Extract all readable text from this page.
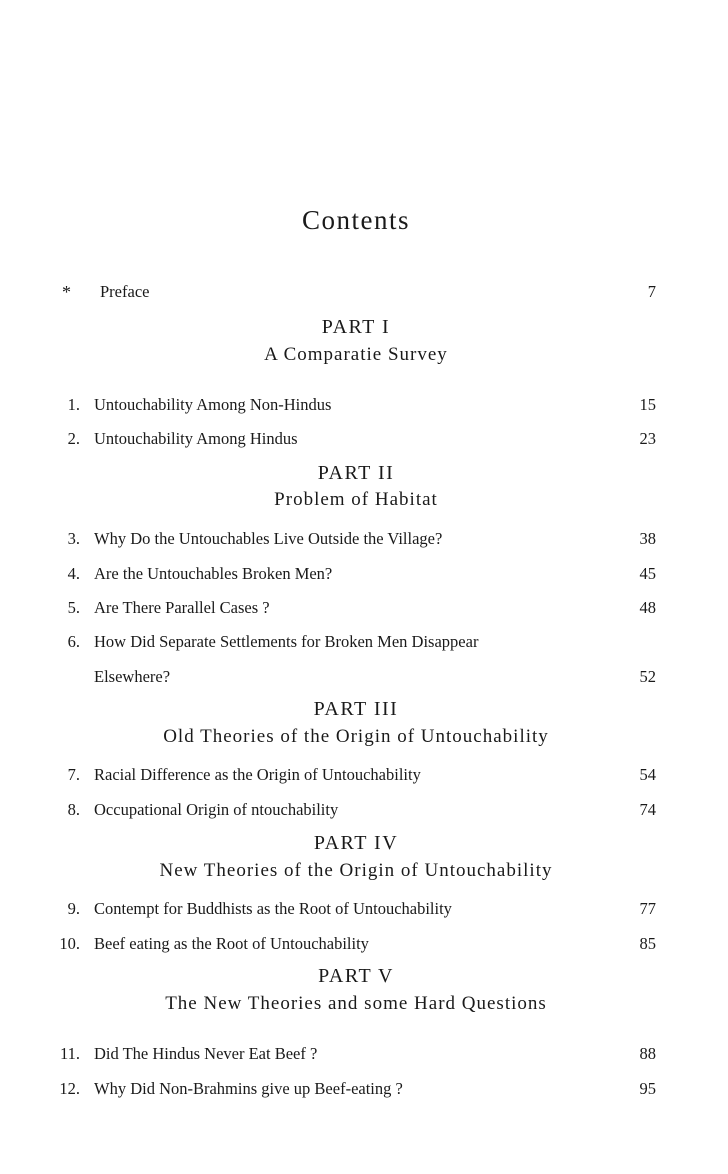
Contents
* Preface	7
PART I
A Comparatie Survey
1. Untouchability Among Non-Hindus	15
2. Untouchability Among Hindus	23
PART II
Problem of Habitat
3. Why Do the Untouchables Live Outside the Village?	38
4. Are the Untouchables Broken Men?	45
5. Are There Parallel Cases ?	48
6. How Did Separate Settlements for Broken Men Disappear
Elsewhere?	52
PART III
Old Theories of the Origin of Untouchability
7. Racial Difference as the Origin of Untouchability	54
8. Occupational Origin of ntouchability	74
PART IV
New Theories of the Origin of Untouchability
9. Contempt for Buddhists as the Root of Untouchability	77
10. Beef eating as the Root of Untouchability	85
PART V
The New Theories and some Hard Questions
11. Did The Hindus Never Eat Beef ?	88
12. Why Did Non-Brahmins give up Beef-eating ?	95
